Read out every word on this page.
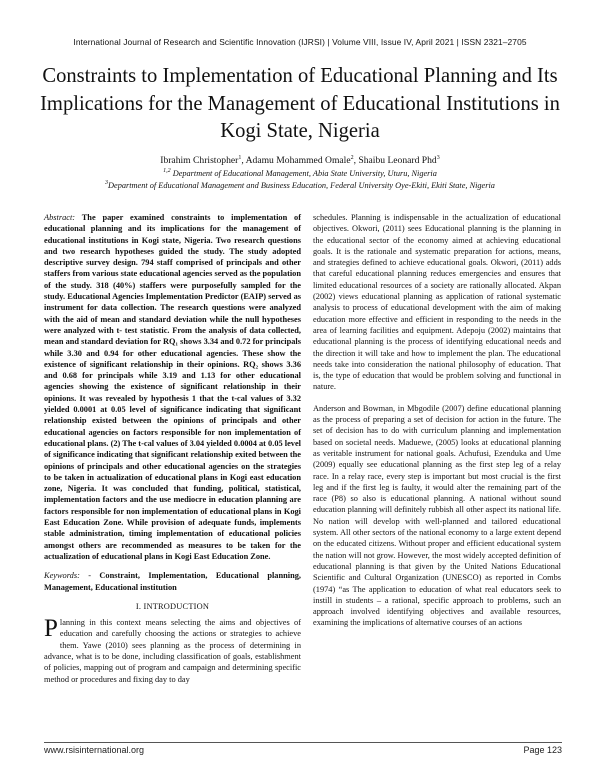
International Journal of Research and Scientific Innovation (IJRSI) | Volume VIII, Issue IV, April 2021 | ISSN 2321–2705
Constraints to Implementation of Educational Planning and Its Implications for the Management of Educational Institutions in Kogi State, Nigeria
Ibrahim Christopher$^1$, Adamu Mohammed Omale$^2$, Shaibu Leonard Phd$^3$
$^{1,2}$ Department of Educational Management, Abia State University, Uturu, Nigeria
$^3$Department of Educational Management and Business Education, Federal University Oye-Ekiti, Ekiti State, Nigeria
Abstract: The paper examined constraints to implementation of educational planning and its implications for the management of educational institutions in Kogi state, Nigeria. Two research questions and two research hypotheses guided the study. The study adopted descriptive survey design. 794 staff comprised of principals and other staffers from various state educational agencies served as the population of the study. 318 (40%) staffers were purposefully sampled for the study. Educational Agencies Implementation Predictor (EAIP) served as instrument for data collection. The research questions were analyzed with the aid of mean and standard deviation while the null hypotheses were analyzed with t- test statistic. From the analysis of data collected, mean and standard deviation for RQ₁ shows 3.34 and 0.72 for principals while 3.30 and 0.94 for other educational agencies. These show the existence of significant relationship in their opinions. RQ₂ shows 3.36 and 0.68 for principals while 3.19 and 1.13 for other educational agencies showing the existence of significant relationship in their opinions. It was revealed by hypothesis 1 that the t-cal values of 3.32 yielded 0.0001 at 0.05 level of significance indicating that significant relationship existed between the opinions of principals and other educational agencies on factors responsible for non implementation of educational plans. (2) The t-cal values of 3.04 yielded 0.0004 at 0.05 level of significance indicating that significant relationship exited between the opinions of principals and other educational agencies on the strategies to be taken in actualization of educational plans in Kogi east education zone, Nigeria. It was concluded that funding, political, statistical, implementation factors and the use mediocre in education planning are factors responsible for non implementation of educational plans in Kogi East Education Zone. While provision of adequate funds, implements stable administration, timing implementation of educational policies amongst others are recommended as measures to be taken for the actualization of educational plans in Kogi East Education Zone.
Keywords: - Constraint, Implementation, Educational planning, Management, Educational institution
I. INTRODUCTION

Planning in this context means selecting the aims and objectives of education and carefully choosing the actions or strategies to achieve them. Yawe (2010) sees planning as the process of determining in advance, what is to be done, including classification of goals, establishment of policies, mapping out of program and campaign and determining specific method or procedures and fixing day to day

schedules. Planning is indispensable in the actualization of educational objectives. Okwori, (2011) sees Educational planning is the planning in the educational sector of the economy aimed at achieving educational goals. It is the rationale and systematic preparation for actions, means, and strategies defined to achieve educational goals. Okwori, (2011) adds that careful educational planning reduces emergencies and ensures that limited educational resources of a society are rationally allocated. Akpan (2002) views educational planning as application of rational systematic analysis to process of educational development with the aim of making education more effective and efficient in responding to the needs in the area of learning facilities and equipment. Adepoju (2002) maintains that educational planning is the process of identifying educational needs and the direction it will take and how to implement the plan. The educational needs take into consideration the national philosophy of education. That is, the type of education that would be problem solving and functional in nature.

Anderson and Bowman, in Mbgodile (2007) define educational planning as the process of preparing a set of decision for action in the future. The set of decision has to do with curriculum planning and implementation based on societal needs. Maduewe, (2005) looks at educational planning as veritable instrument for national goals. Achufusi, Ezenduka and Ume (2009) equally see educational planning as the first step leg of a relay race. In a relay race, every step is important but most crucial is the first leg and if the first leg is faulty, it would alter the remaining part of the race (P8) so also is educational planning. A national without sound education planning will definitely rubbish all other aspect its national life. No nation will develop with well-planned and tailored educational system. All other sectors of the national economy to a large extent depend on the educated citizens. Without proper and efficient educational system the nation will not grow. However, the most widely accepted definition of educational planning is that given by the United Nations Educational Scientific and Cultural Organization (UNESCO) as reported in Combs (1974) “as The application to education of what real educators seek to instill in students – a rational, specific approach to problems, such an approach involved identifying objectives and available resources, examining the implications of alternative courses of an actions

www.rsisinternational.org	Page 123
